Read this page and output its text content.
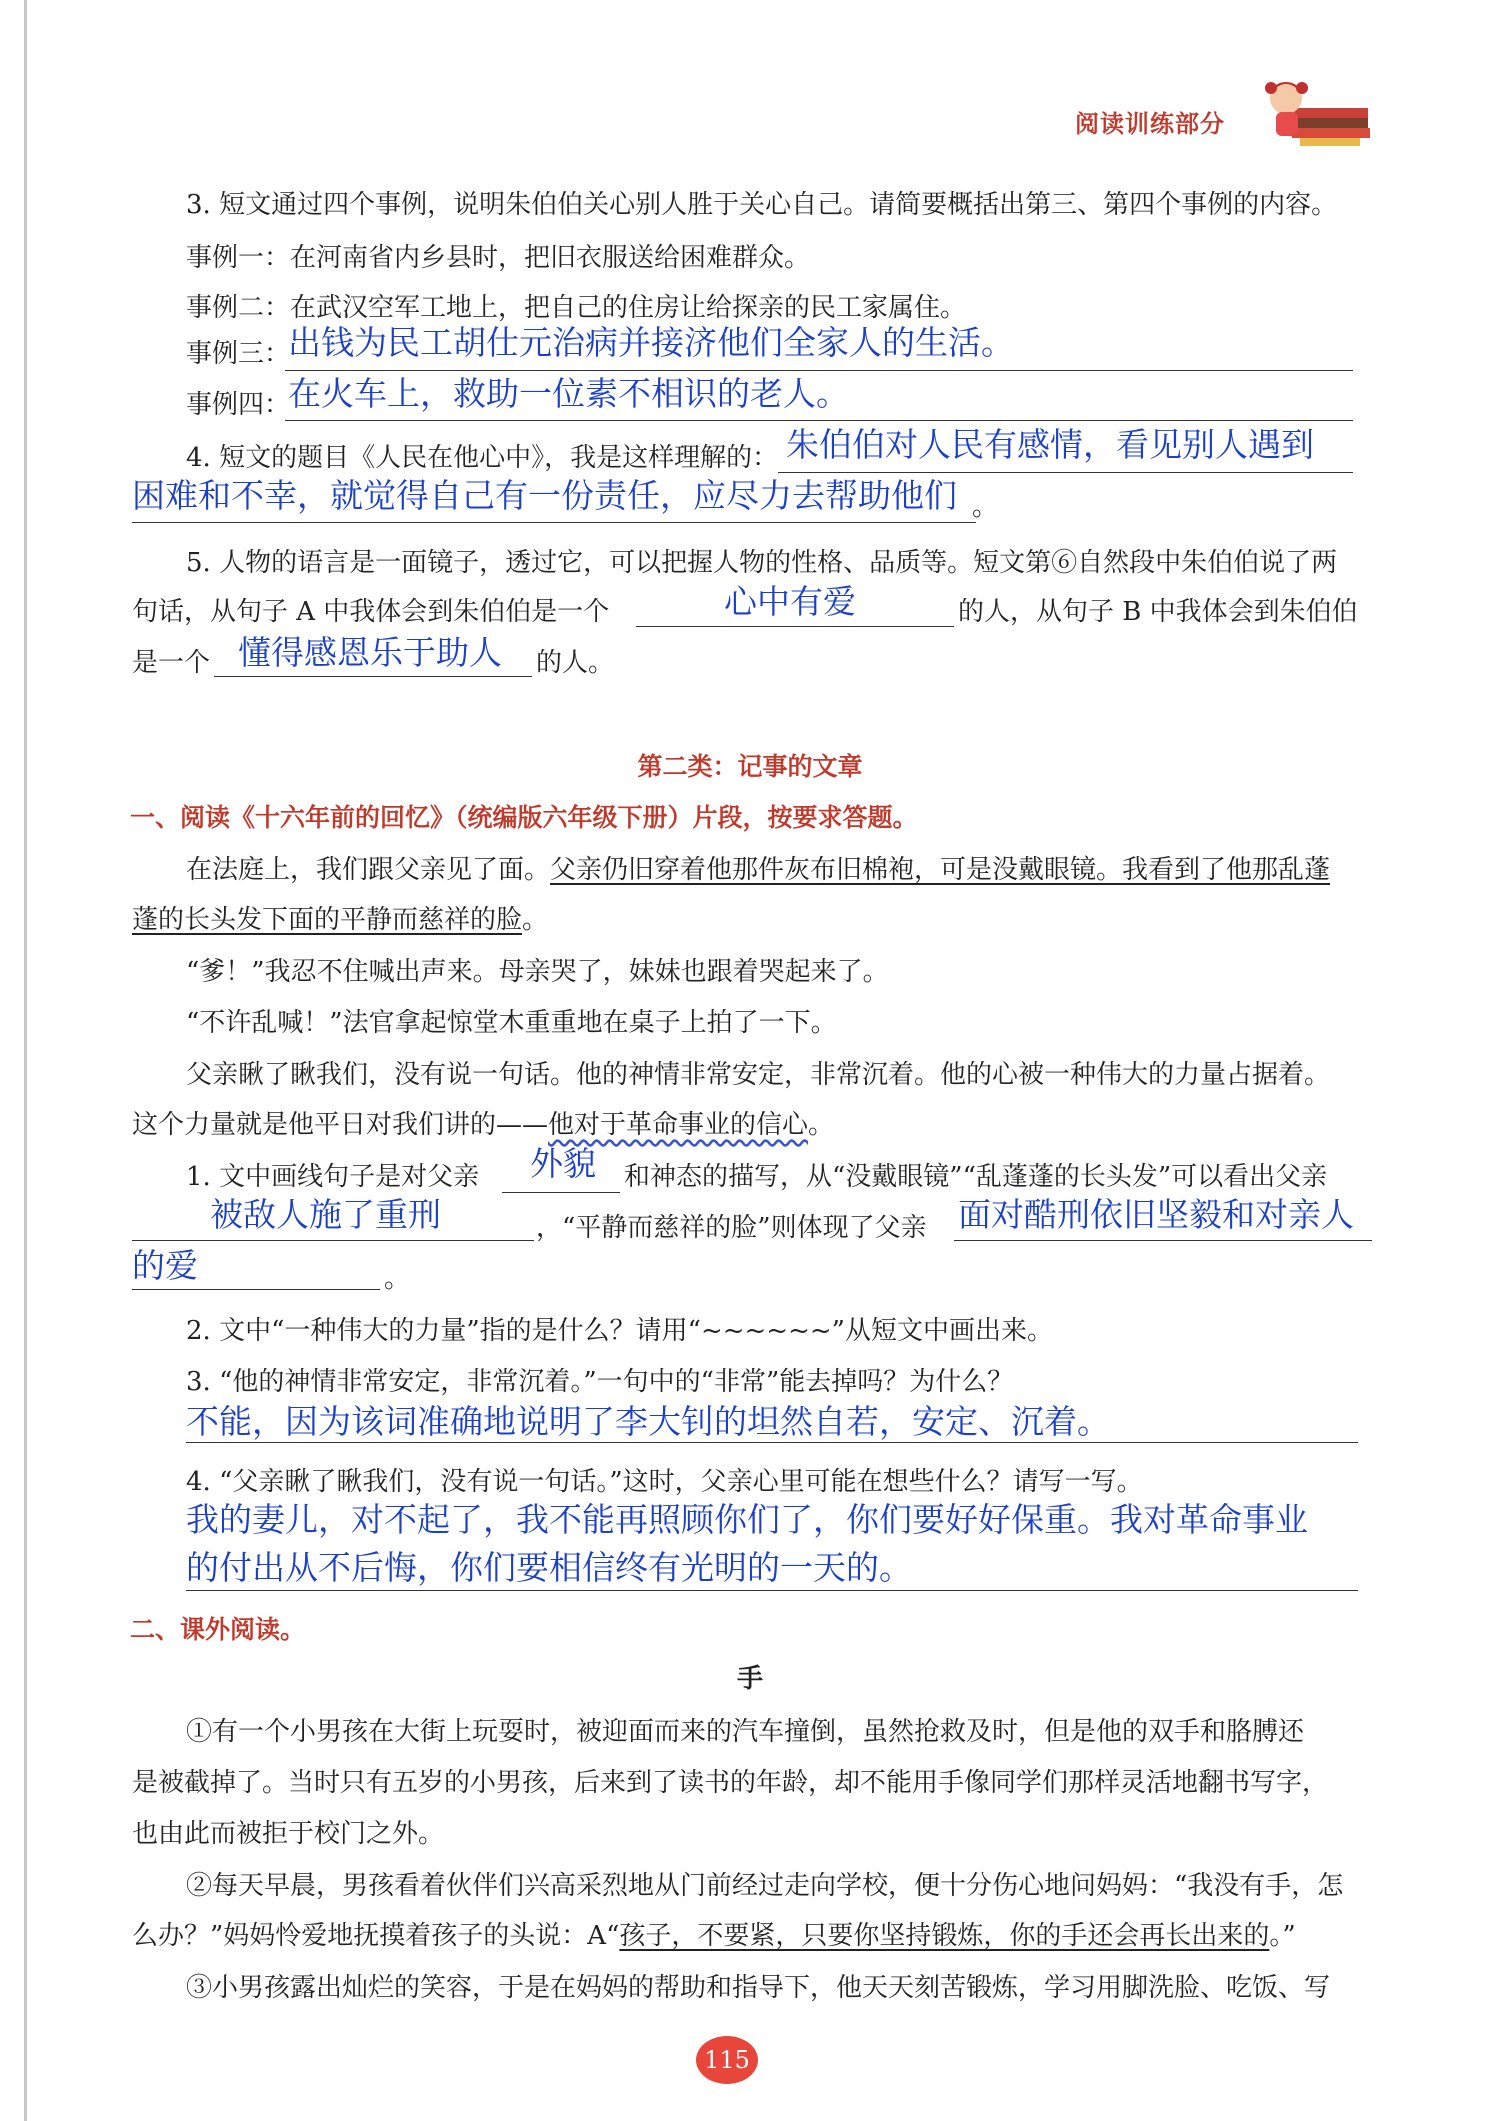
阅读训练部分
3. 短文通过四个事例，说明朱伯伯关心别人胜于关心自己。请简要概括出第三、第四个事例的内容。
事例一：在河南省内乡县时，把旧衣服送给困难群众。
事例二：在武汉空军工地上，把自己的住房让给探亲的民工家属住。
事例三：
出钱为民工胡仕元治病并接济他们全家人的生活。
事例四：
在火车上，救助一位素不相识的老人。
4. 短文的题目《人民在他心中》，我是这样理解的： 朱伯伯对人民有感情，看见别人遇到
困难和不幸，就觉得自己有一份责任，应尽力去帮助他们 。
5. 人物的语言是一面镜子，透过它，可以把握人物的性格、品质等。短文第⑥自然段中朱伯伯说了两
句话，从句子 A 中我体会到朱伯伯是一个	心中有爱	的人，从句子 B 中我体会到朱伯伯
是一个 懂得感恩乐于助人 的人。
第二类：记事的文章
一、阅读《十六年前的回忆》（统编版六年级下册）片段，按要求答题。
在法庭上，我们跟父亲见了面。父亲仍旧穿着他那件灰布旧棉袍，可是没戴眼镜。我看到了他那乱蓬
蓬的长头发下面的平静而慈祥的脸。
“爹！”我忍不住喊出声来。母亲哭了，妹妹也跟着哭起来了。
“不许乱喊！”法官拿起惊堂木重重地在桌子上拍了一下。
父亲瞅了瞅我们，没有说一句话。他的神情非常安定，非常沉着。他的心被一种伟大的力量占据着。
这个力量就是他平日对我们讲的——他对于革命事业的信心。
1. 文中画线句子是对父亲 外貌 和神态的描写，从“没戴眼镜”“乱蓬蓬的长头发”可以看出父亲
被敌人施了重刑	，“平静而慈祥的脸”则体现了父亲 面对酷刑依旧坚毅和对亲人
的爱	。
2. 文中“一种伟大的力量”指的是什么？请用“~~~~~~”从短文中画出来。
3. “他的神情非常安定，非常沉着。”一句中的“非常”能去掉吗？为什么？
不能，因为该词准确地说明了李大钊的坦然自若，安定、沉着。
4. “父亲瞅了瞅我们，没有说一句话。”这时，父亲心里可能在想些什么？请写一写。
我的妻儿，对不起了，我不能再照顾你们了，你们要好好保重。我对革命事业
的付出从不后悔，你们要相信终有光明的一天的。
二、课外阅读。
手
①有一个小男孩在大街上玩耍时，被迎面而来的汽车撞倒，虽然抢救及时，但是他的双手和胳膊还
是被截掉了。当时只有五岁的小男孩，后来到了读书的年龄，却不能用手像同学们那样灵活地翻书写字，
也由此而被拒于校门之外。
②每天早晨，男孩看着伙伴们兴高采烈地从门前经过走向学校，便十分伤心地问妈妈：“我没有手，怎
么办？”妈妈怜爱地抚摸着孩子的头说：A“孩子，不要紧，只要你坚持锻炼，你的手还会再长出来的。”
③小男孩露出灿烂的笑容，于是在妈妈的帮助和指导下，他天天刻苦锻炼，学习用脚洗脸、吃饭、写
115
